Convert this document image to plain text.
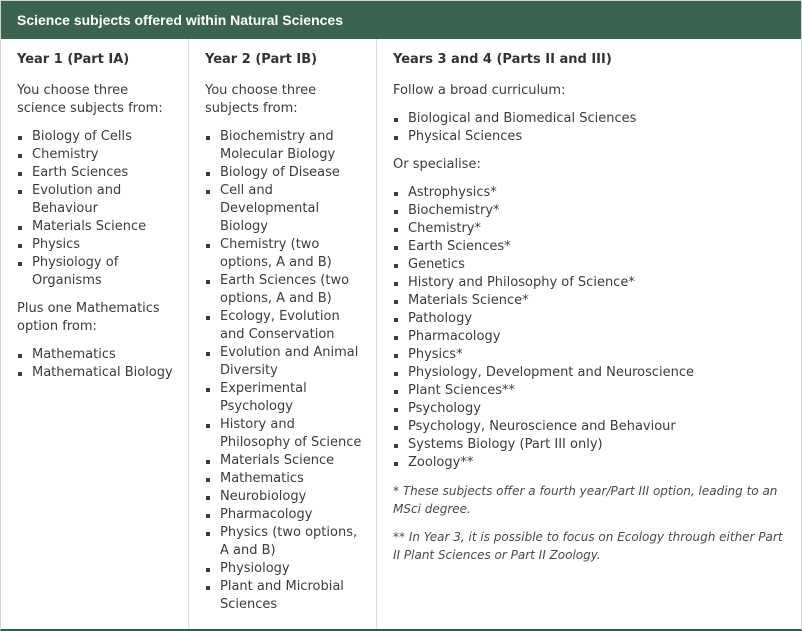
Science subjects offered within Natural Sciences
Year 1 (Part IA)
You choose three science subjects from:
Biology of Cells
Chemistry
Earth Sciences
Evolution and Behaviour
Materials Science
Physics
Physiology of Organisms
Plus one Mathematics option from:
Mathematics
Mathematical Biology
Year 2 (Part IB)
You choose three subjects from:
Biochemistry and Molecular Biology
Biology of Disease
Cell and Developmental Biology
Chemistry (two options, A and B)
Earth Sciences (two options, A and B)
Ecology, Evolution and Conservation
Evolution and Animal Diversity
Experimental Psychology
History and Philosophy of Science
Materials Science
Mathematics
Neurobiology
Pharmacology
Physics (two options, A and B)
Physiology
Plant and Microbial Sciences
Years 3 and 4 (Parts II and III)
Follow a broad curriculum:
Biological and Biomedical Sciences
Physical Sciences
Or specialise:
Astrophysics*
Biochemistry*
Chemistry*
Earth Sciences*
Genetics
History and Philosophy of Science*
Materials Science*
Pathology
Pharmacology
Physics*
Physiology, Development and Neuroscience
Plant Sciences**
Psychology
Psychology, Neuroscience and Behaviour
Systems Biology (Part III only)
Zoology**
* These subjects offer a fourth year/Part III option, leading to an MSci degree.
** In Year 3, it is possible to focus on Ecology through either Part II Plant Sciences or Part II Zoology.
